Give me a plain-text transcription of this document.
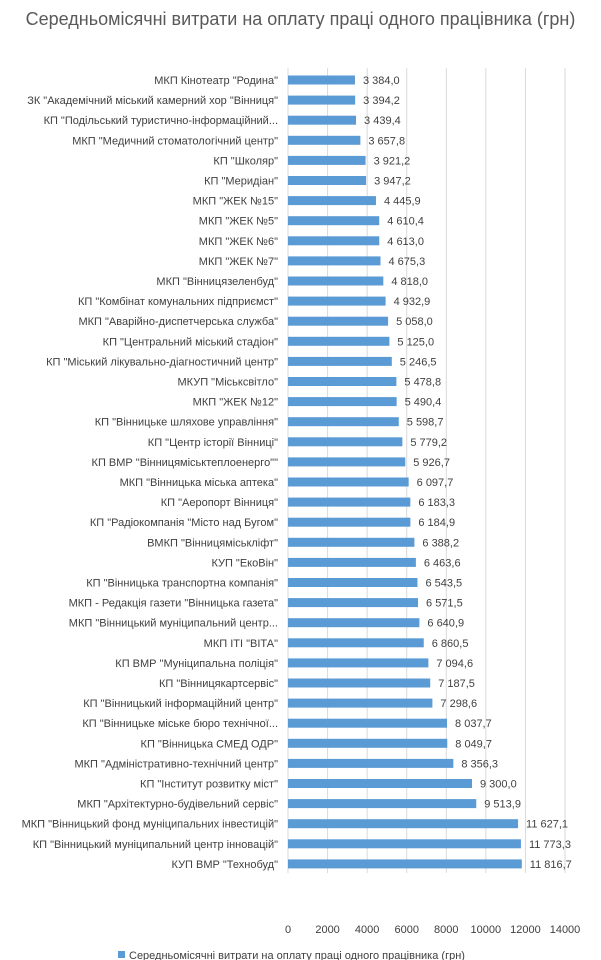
Середньомісячні витрати на оплату праці одного працівника (грн)
МКП Кінотеатр "Родина"	3 384,0
ЗК "Академічний міський камерний хор "Вінниця"	3 394,2
КП "Подільський туристично-інформаційний...	3 439,4
МКП "Медичний стоматологічний центр"	3 657,8
КП "Школяр"	3 921,2
КП "Меридіан"	3 947,2
МКП "ЖЕК №15"	4 445,9
МКП "ЖЕК №5"	4 610,4
МКП "ЖЕК №6"	4 613,0
МКП "ЖЕК №7"	4 675,3
МКП "Вінницязеленбуд"	4 818,0
КП "Комбінат комунальних підприємст"	4 932,9
МКП "Аварійно-диспетчерська служба"	5 058,0
КП "Центральний міський стадіон"	5 125,0
КП "Міський лікувально-діагностичний центр"	5 246,5
МКУП "Міськсвітло"	5 478,8
МКП "ЖЕК №12"	5 490,4
КП "Вінницьке шляхове управління"	5 598,7
КП "Центр історії Вінниці"	5 779,2
КП ВМР "Вінницяміськтеплоенерго""	5 926,7
МКП "Вінницька міська аптека"	6 097,7
КП "Аеропорт Вінниця"	6 183,3
КП "Радіокомпанія "Місто над Бугом"	6 184,9
ВМКП "Вінницяміськліфт"	6 388,2
КУП "ЕкоВін"	6 463,6
КП "Вінницька транспортна компанія"	6 543,5
МКП - Редакція газети "Вінницька газета"	6 571,5
МКП "Вінницький муніципальний центр...	6 640,9
МКП ІТІ "ВІТА"	6 860,5
КП ВМР "Муніципальна поліція"	7 094,6
КП "Вінницякартсервіс"	7 187,5
КП "Вінницький інформаційний центр"	7 298,6
КП "Вінницьке міське бюро технічної...	8 037,7
КП "Вінницька СМЕД ОДР"	8 049,7
МКП "Адміністративно-технічний центр"	8 356,3
КП "Інститут розвитку міст"	9 300,0
МКП "Архітектурно-будівельний сервіс"	9 513,9
МКП "Вінницький фонд муніципальних інвестицій"	11 627,1
КП "Вінницький муніципальний центр інновацій"	11 773,3
КУП ВМР "Технобуд"	11 816,7
0 2000 4000 6000 8000 10000 12000 14000
Середньомісячні витрати на оплату праці одного працівника (грн)
